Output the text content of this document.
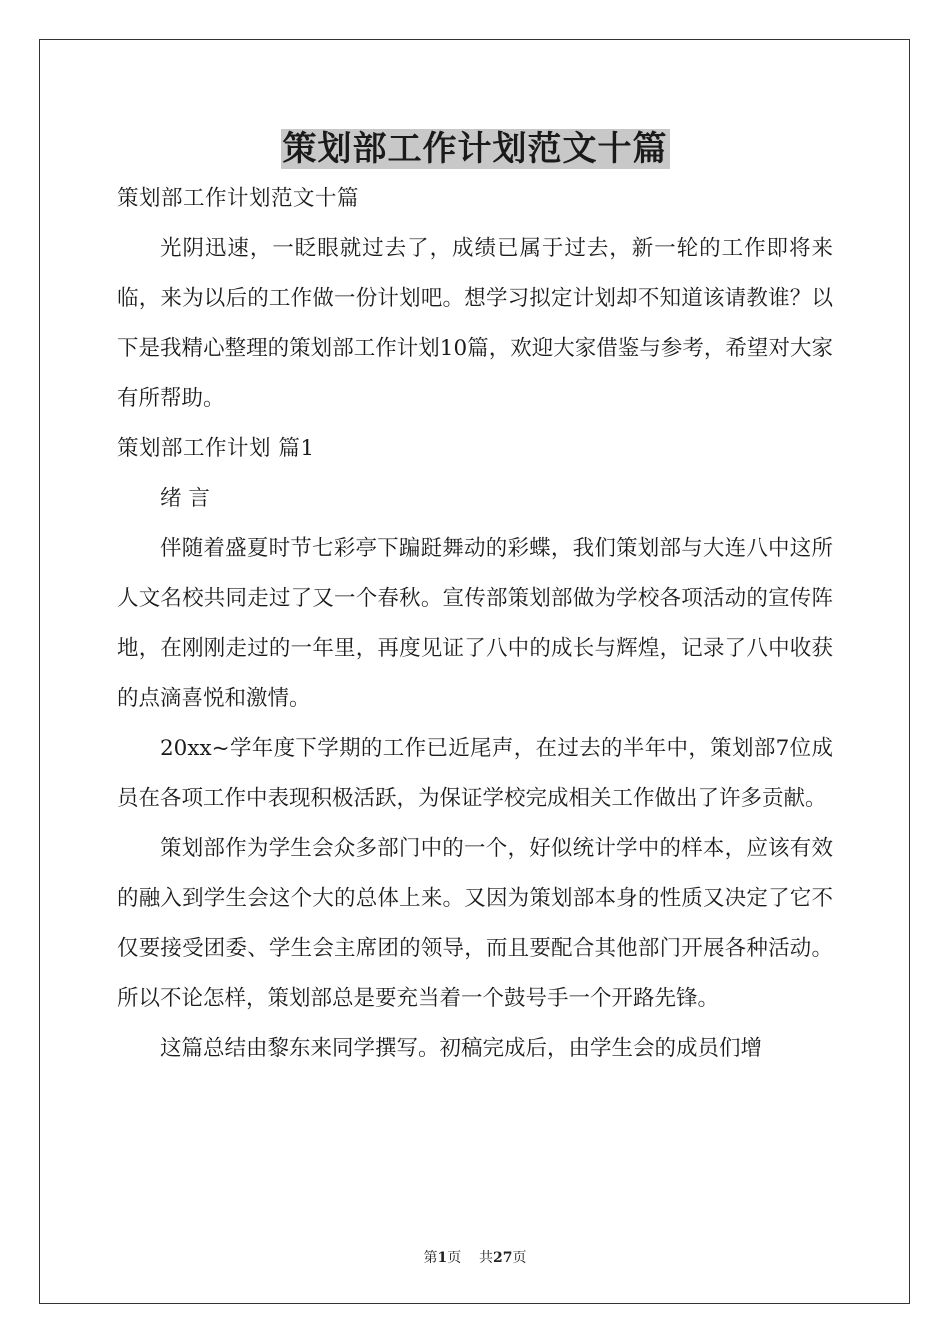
策划部工作计划范文十篇

策划部工作计划范文十篇

光阴迅速，一眨眼就过去了，成绩已属于过去，新一轮的工作即将来临，来为以后的工作做一份计划吧。想学习拟定计划却不知道该请教谁？以下是我精心整理的策划部工作计划10篇，欢迎大家借鉴与参考，希望对大家有所帮助。

策划部工作计划 篇1

绪 言

伴随着盛夏时节七彩亭下蹁跹舞动的彩蝶，我们策划部与大连八中这所人文名校共同走过了又一个春秋。宣传部策划部做为学校各项活动的宣传阵地，在刚刚走过的一年里，再度见证了八中的成长与辉煌，记录了八中收获的点滴喜悦和激情。

20xx~学年度下学期的工作已近尾声，在过去的半年中，策划部7位成员在各项工作中表现积极活跃，为保证学校完成相关工作做出了许多贡献。

策划部作为学生会众多部门中的一个，好似统计学中的样本，应该有效的融入到学生会这个大的总体上来。又因为策划部本身的性质又决定了它不仅要接受团委、学生会主席团的领导，而且要配合其他部门开展各种活动。所以不论怎样，策划部总是要充当着一个鼓号手一个开路先锋。

这篇总结由黎东来同学撰写。初稿完成后，由学生会的成员们增

第1页 共27页
